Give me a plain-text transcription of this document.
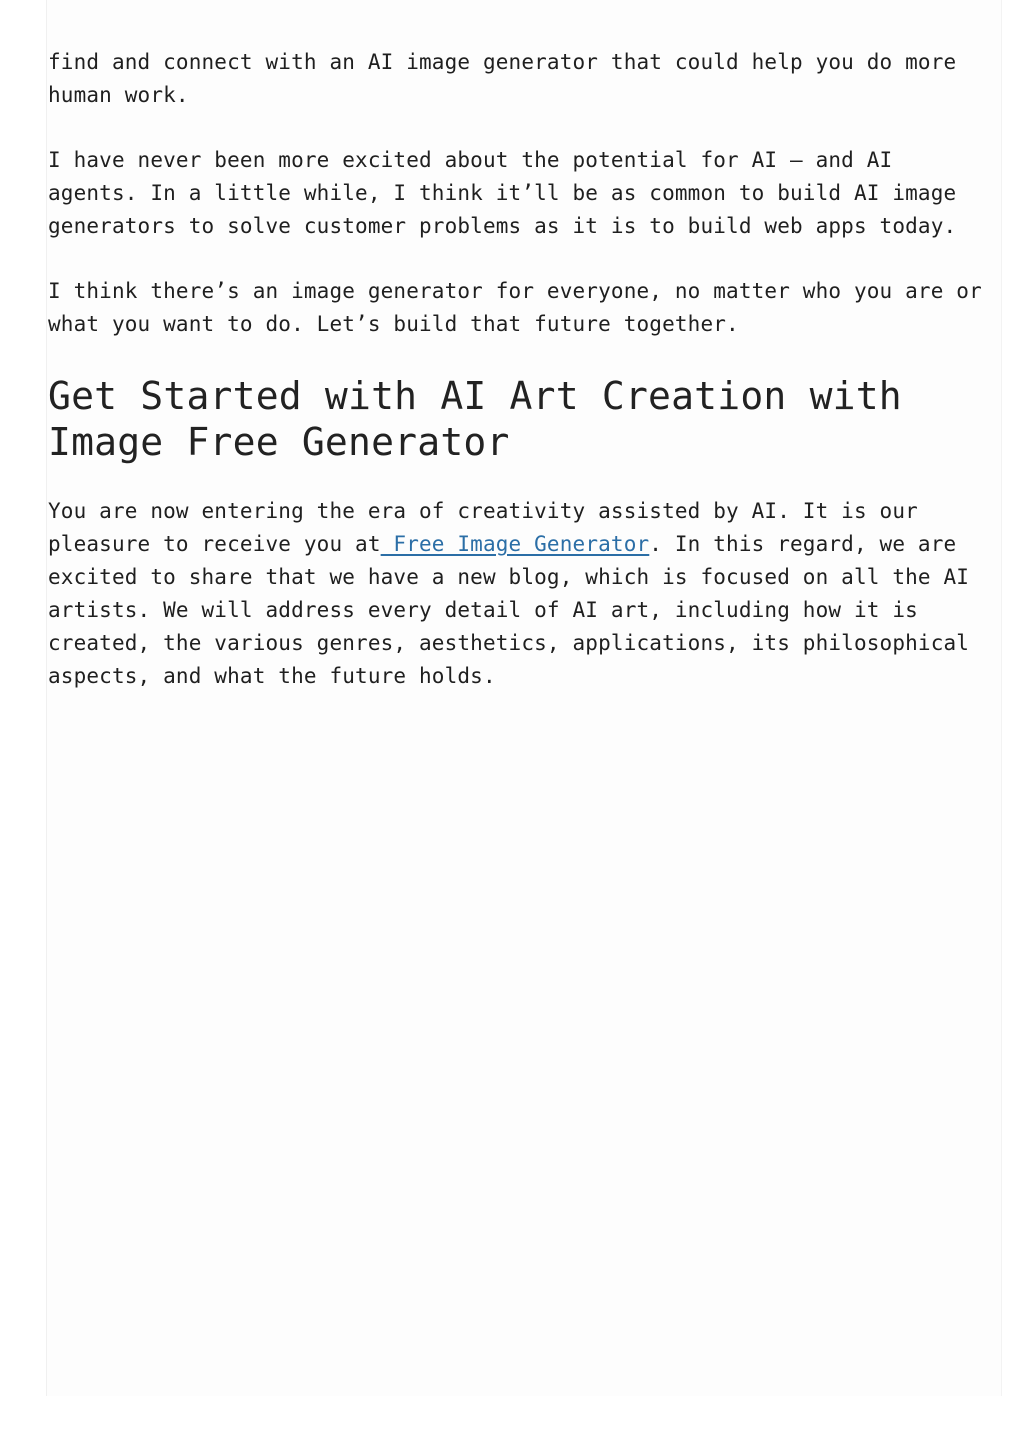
find and connect with an AI image generator that could help you do more human work.

I have never been more excited about the potential for AI — and AI agents. In a little while, I think it’ll be as common to build AI image generators to solve customer problems as it is to build web apps today.

I think there’s an image generator for everyone, no matter who you are or what you want to do. Let’s build that future together.

Get Started with AI Art Creation with Image Free Generator

You are now entering the era of creativity assisted by AI. It is our pleasure to receive you at Free Image Generator. In this regard, we are excited to share that we have a new blog, which is focused on all the AI artists. We will address every detail of AI art, including how it is created, the various genres, aesthetics, applications, its philosophical aspects, and what the future holds.
